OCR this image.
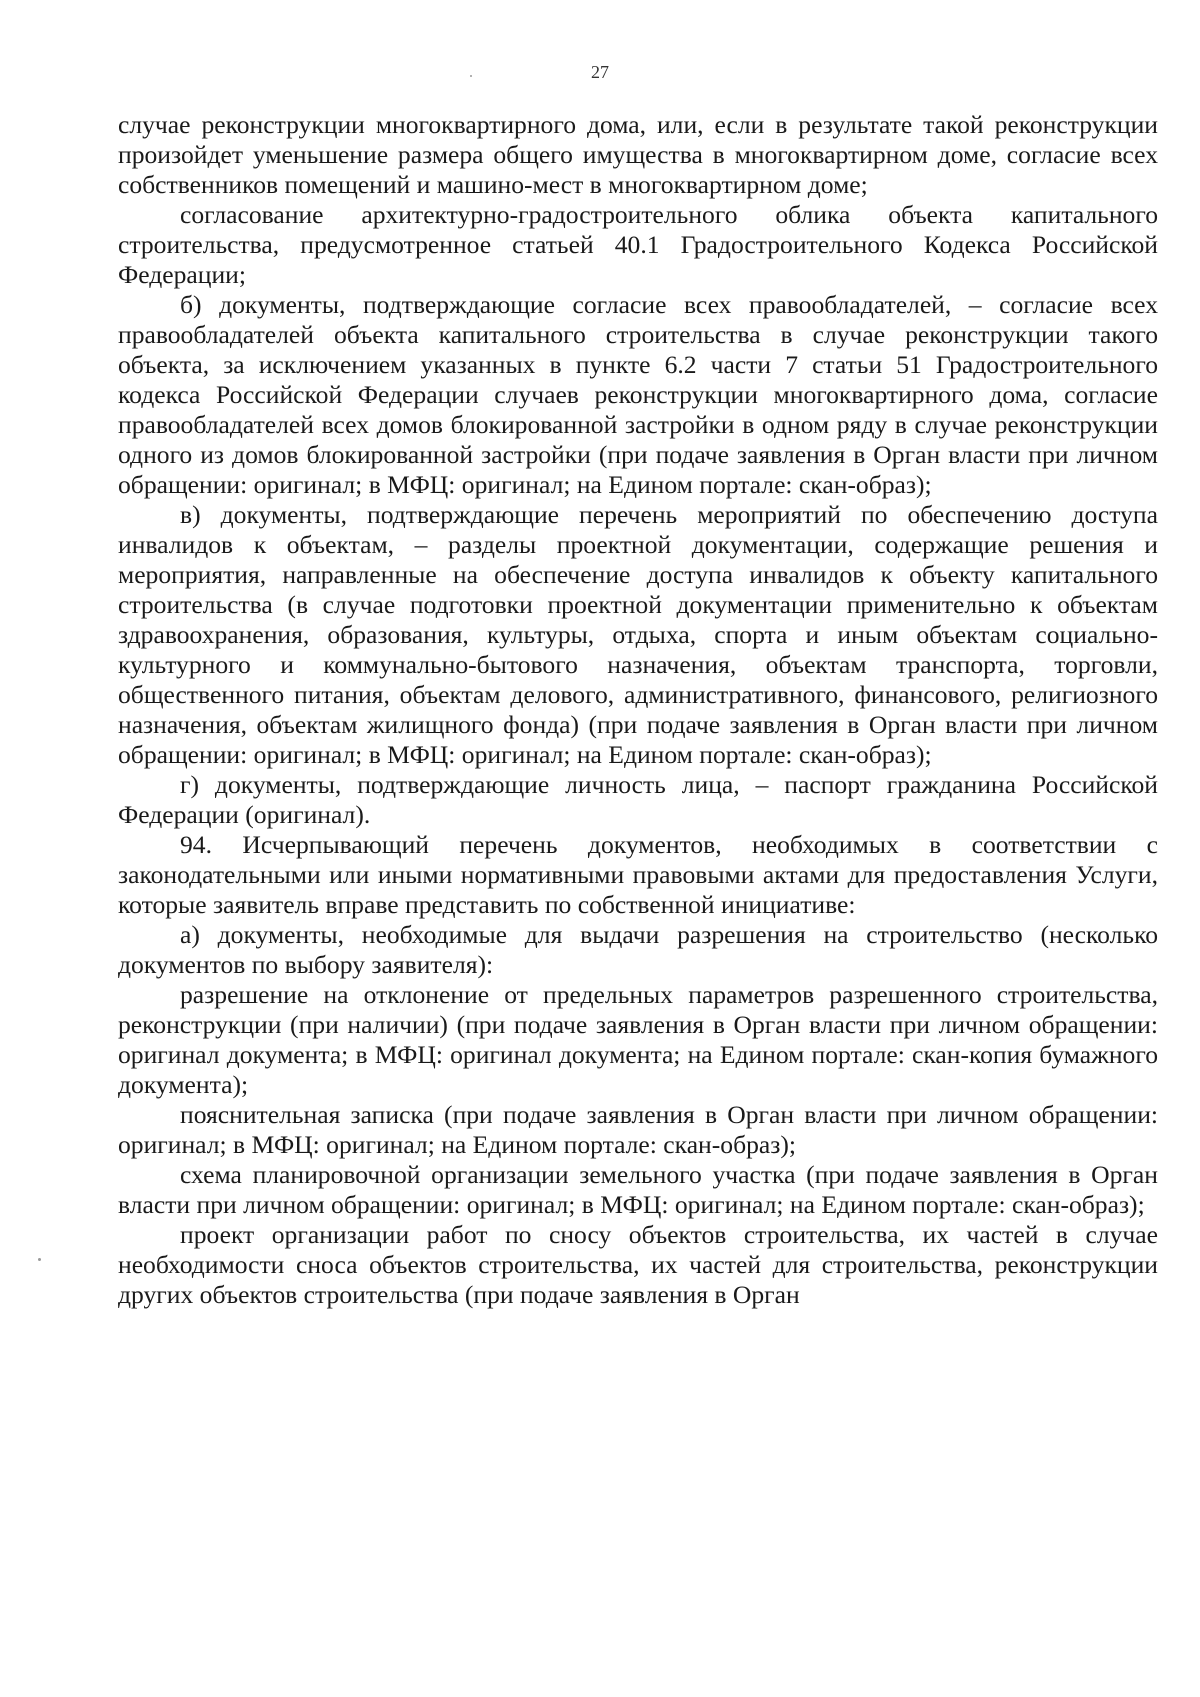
27

случае реконструкции многоквартирного дома, или, если в результате такой реконструкции произойдет уменьшение размера общего имущества в многоквартирном доме, согласие всех собственников помещений и машино-мест в многоквартирном доме;

согласование архитектурно-градостроительного облика объекта капитального строительства, предусмотренное статьей 40.1 Градостроительного Кодекса Российской Федерации;

б) документы, подтверждающие согласие всех правообладателей, – согласие всех правообладателей объекта капитального строительства в случае реконструкции такого объекта, за исключением указанных в пункте 6.2 части 7 статьи 51 Градостроительного кодекса Российской Федерации случаев реконструкции многоквартирного дома, согласие правообладателей всех домов блокированной застройки в одном ряду в случае реконструкции одного из домов блокированной застройки (при подаче заявления в Орган власти при личном обращении: оригинал; в МФЦ: оригинал; на Едином портале: скан-образ);

в) документы, подтверждающие перечень мероприятий по обеспечению доступа инвалидов к объектам, – разделы проектной документации, содержащие решения и мероприятия, направленные на обеспечение доступа инвалидов к объекту капитального строительства (в случае подготовки проектной документации применительно к объектам здравоохранения, образования, культуры, отдыха, спорта и иным объектам социально-культурного и коммунально-бытового назначения, объектам транспорта, торговли, общественного питания, объектам делового, административного, финансового, религиозного назначения, объектам жилищного фонда) (при подаче заявления в Орган власти при личном обращении: оригинал; в МФЦ: оригинал; на Едином портале: скан-образ);

г) документы, подтверждающие личность лица, – паспорт гражданина Российской Федерации (оригинал).

94. Исчерпывающий перечень документов, необходимых в соответствии с законодательными или иными нормативными правовыми актами для предоставления Услуги, которые заявитель вправе представить по собственной инициативе:

а) документы, необходимые для выдачи разрешения на строительство (несколько документов по выбору заявителя):

разрешение на отклонение от предельных параметров разрешенного строительства, реконструкции (при наличии) (при подаче заявления в Орган власти при личном обращении: оригинал документа; в МФЦ: оригинал документа; на Едином портале: скан-копия бумажного документа);

пояснительная записка (при подаче заявления в Орган власти при личном обращении: оригинал; в МФЦ: оригинал; на Едином портале: скан-образ);

схема планировочной организации земельного участка (при подаче заявления в Орган власти при личном обращении: оригинал; в МФЦ: оригинал; на Едином портале: скан-образ);

проект организации работ по сносу объектов строительства, их частей в случае необходимости сноса объектов строительства, их частей для строительства, реконструкции других объектов строительства (при подаче заявления в Орган
